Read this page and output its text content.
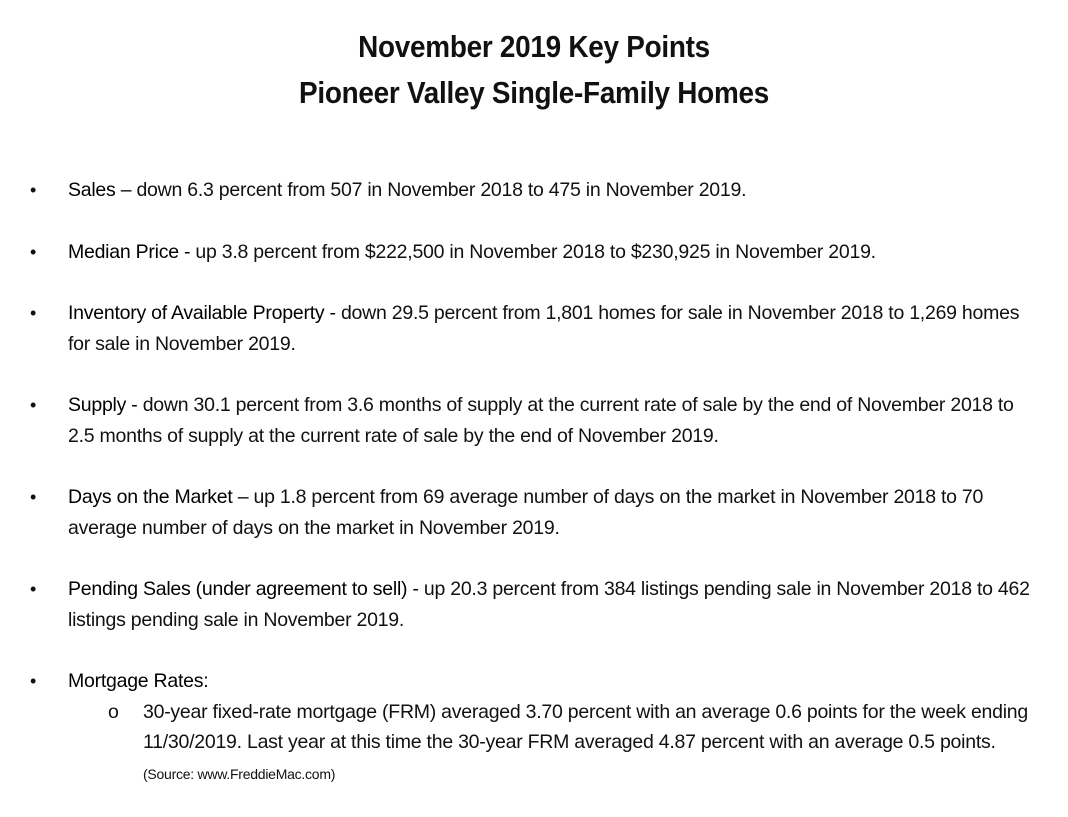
November 2019 Key Points
Pioneer Valley Single-Family Homes
• Sales – down 6.3 percent from 507 in November 2018 to 475 in November 2019.
• Median Price - up 3.8 percent from $222,500 in November 2018 to $230,925 in November 2019.
• Inventory of Available Property - down 29.5 percent from 1,801 homes for sale in November 2018 to 1,269 homes for sale in November 2019.
• Supply - down 30.1 percent from 3.6 months of supply at the current rate of sale by the end of November 2018 to 2.5 months of supply at the current rate of sale by the end of November 2019.
• Days on the Market – up 1.8 percent from 69 average number of days on the market in November 2018 to 70 average number of days on the market in November 2019.
• Pending Sales (under agreement to sell) - up 20.3 percent from 384 listings pending sale in November 2018 to 462 listings pending sale in November 2019.
• Mortgage Rates:
o 30-year fixed-rate mortgage (FRM) averaged 3.70 percent with an average 0.6 points for the week ending 11/30/2019. Last year at this time the 30-year FRM averaged 4.87 percent with an average 0.5 points. (Source: www.FreddieMac.com)
